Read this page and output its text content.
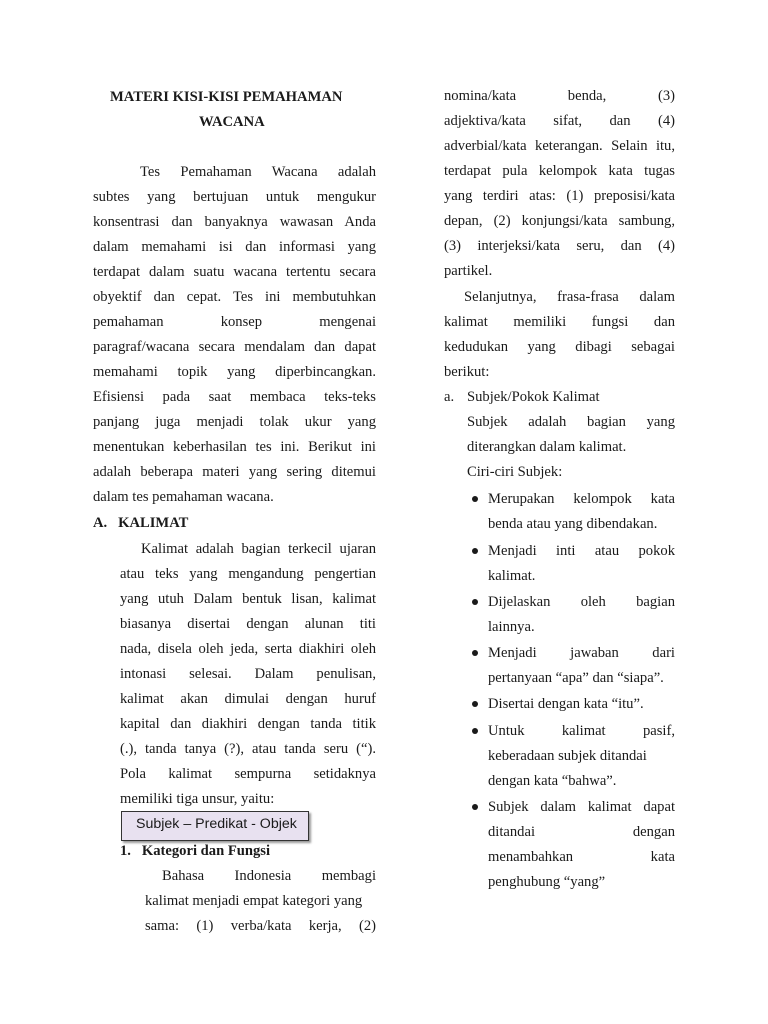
MATERI KISI-KISI PEMAHAMAN
WACANA
Tes Pemahaman Wacana adalah
subtes yang bertujuan untuk mengukur
konsentrasi dan banyaknya wawasan Anda
dalam memahami isi dan informasi yang
terdapat dalam suatu wacana tertentu secara
obyektif dan cepat. Tes ini membutuhkan
pemahaman konsep mengenai
paragraf/wacana secara mendalam dan dapat
memahami topik yang diperbincangkan.
Efisiensi pada saat membaca teks-teks
panjang juga menjadi tolak ukur yang
menentukan keberhasilan tes ini. Berikut ini
adalah beberapa materi yang sering ditemui
dalam tes pemahaman wacana.
A.   KALIMAT
Kalimat adalah bagian terkecil ujaran
atau teks yang mengandung pengertian
yang utuh Dalam bentuk lisan, kalimat
biasanya disertai dengan alunan titi
nada, disela oleh jeda, serta diakhiri oleh
intonasi selesai. Dalam penulisan,
kalimat akan dimulai dengan huruf
kapital dan diakhiri dengan tanda titik
(.), tanda tanya (?), atau tanda seru (“).
Pola kalimat sempurna setidaknya
memiliki tiga unsur, yaitu:
Subjek – Predikat - Objek
1.   Kategori dan Fungsi
Bahasa Indonesia membagi
kalimat menjadi empat kategori yang
sama: (1) verba/kata kerja, (2)
nomina/kata benda, (3)
adjektiva/kata sifat, dan (4)
adverbial/kata keterangan. Selain itu,
terdapat pula kelompok kata tugas
yang terdiri atas: (1) preposisi/kata
depan, (2) konjungsi/kata sambung,
(3) interjeksi/kata seru, dan (4)
partikel.
Selanjutnya, frasa-frasa dalam
kalimat memiliki fungsi dan
kedudukan yang dibagi sebagai
berikut:
a. Subjek/Pokok Kalimat
Subjek adalah bagian yang
diterangkan dalam kalimat.
Ciri-ciri Subjek:
Merupakan kelompok kata
benda atau yang dibendakan.
Menjadi inti atau pokok
kalimat.
Dijelaskan oleh bagian
lainnya.
Menjadi jawaban dari
pertanyaan “apa” dan “siapa”.
Disertai dengan kata “itu”.
Untuk kalimat pasif,
keberadaan subjek ditandai
dengan kata “bahwa”.
Subjek dalam kalimat dapat
ditandai dengan
menambahkan kata
penghubung “yang”
